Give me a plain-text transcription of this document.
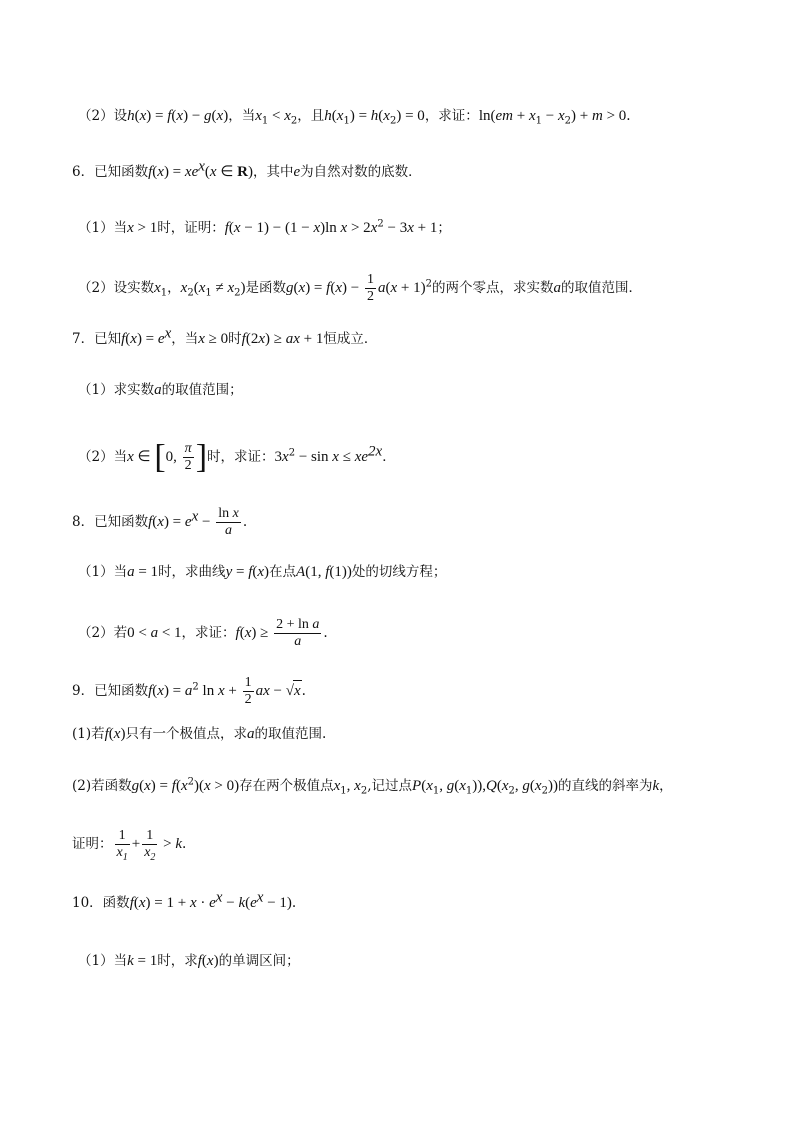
（2）设h(x) = f(x) − g(x)，当$x_1 < x_2$，且$h(x_1) = h(x_2) = 0$，求证：$\ln(em + x_1 - x_2) + m > 0$.
6．已知函数$f(x) = xe^x(x$ ∈ R)，其中e为自然对数的底数．
（1）当x > 1时，证明：f(x − 1) − (1 − x)ln $x > 2x^2 - 3x + 1$；
（2）设实数$x_1$，$x_2(x_1 \ne x_2)$是函数$g(x) = f(x) - \frac{1}{2} a(x + 1)^2$的两个零点，求实数a的取值范围．
7．已知$f(x) = e^x$，当x ≥ 0时f(2x) ≥ ax + 1恒成立．
（1）求实数a的取值范围；
（2）当x ∈ [0, $\frac{\pi}{2}$ ]时，求证：$3x^2 - \sin x \le xe^{2x}$．
8．已知函数$f(x) = e^x - \frac{\text{ln x}}{a}$ .
（1）当a = 1时，求曲线y = f(x)在点A(1, f(1))处的切线方程；
（2）若0 < a < 1，求证：$f(x) \ge \frac{\text{2 + ln a}}{a}$ .
9．已知函数$f(x) = a^2$ $\ln x + \frac{1}{2}$ ax − √x.
(1)若f(x)只有一个极值点，求a的取值范围.
(2)若函数$g(x) = f(x^2)(x > 0)$存在两个极值点$x_1$, $x_2$,记过点$P(x_1$, $g(x_1)),Q(x_2$, $g(x_2)$)的直线的斜率为k，
证明： $\frac{1}{x_1} + \frac{1}{x_2} > k$.
10．函数$f(x) = 1 + x \cdot e^x - k(e^x - 1)$.
（1）当k = 1时，求f(x)的单调区间；
